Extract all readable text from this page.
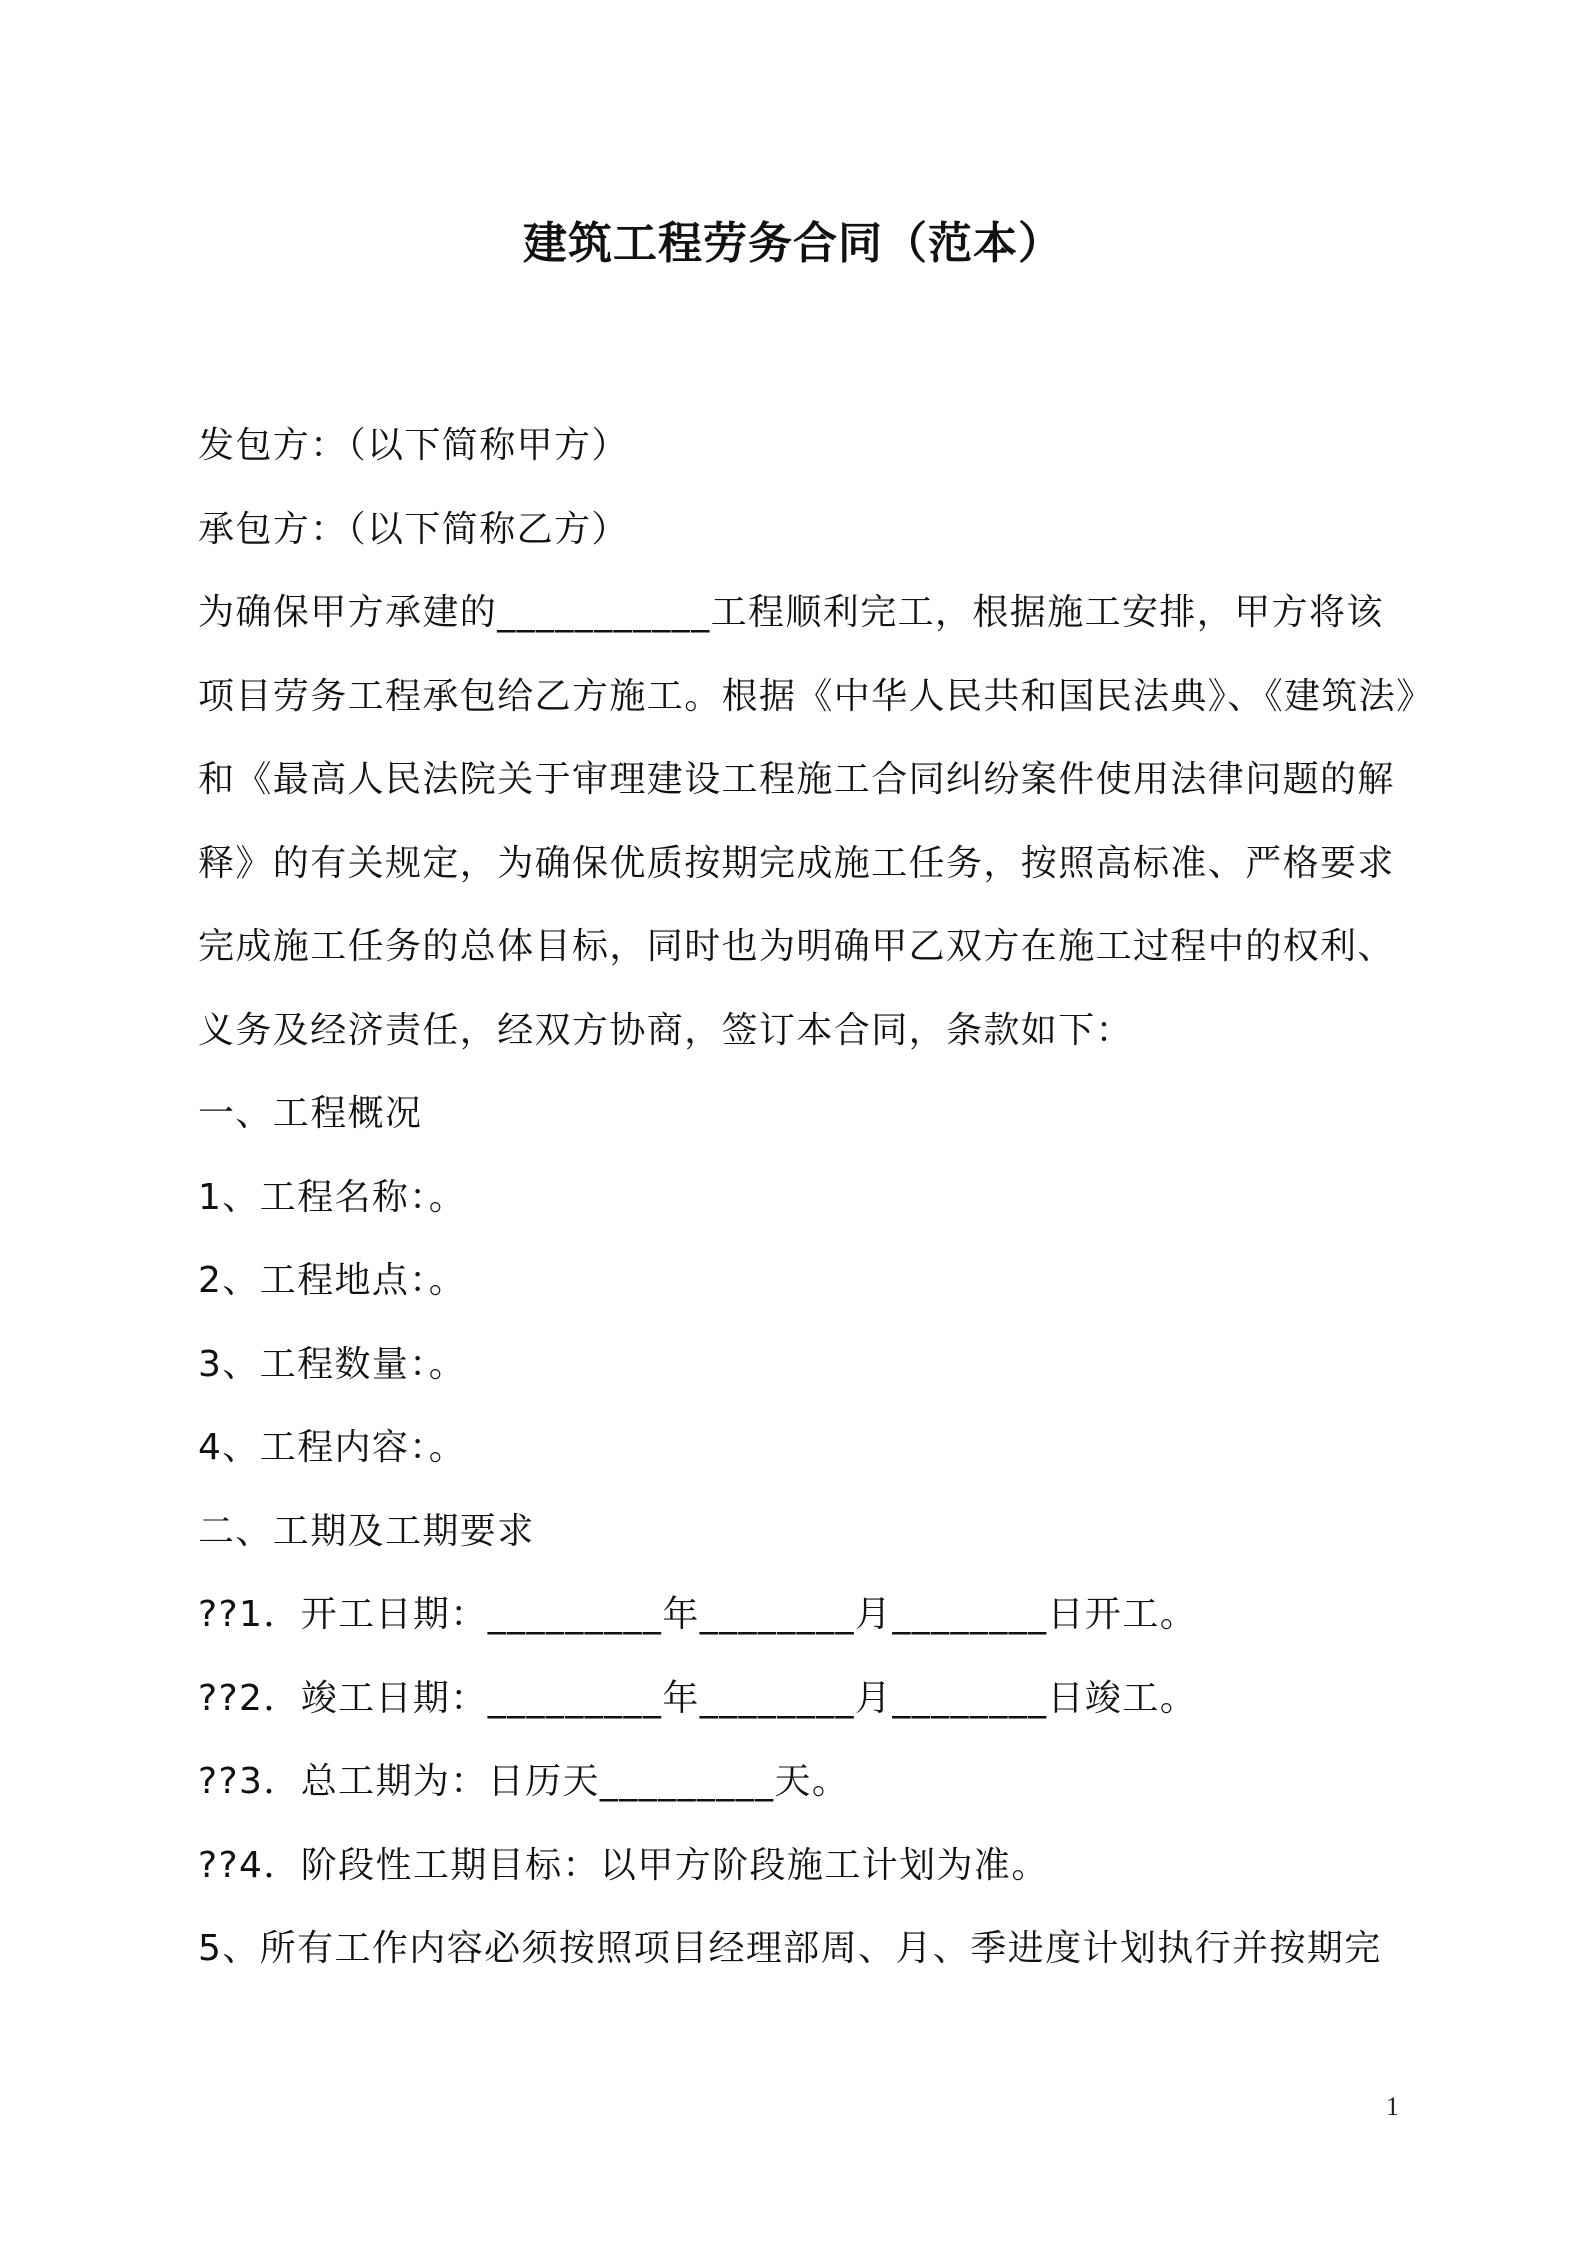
建筑工程劳务合同（范本）
发包方：（以下简称甲方）
承包方：（以下简称乙方）
为确保甲方承建的___________工程顺利完工，根据施工安排，甲方将该
项目劳务工程承包给乙方施工。根据《中华人民共和国民法典》、《建筑法》
和《最高人民法院关于审理建设工程施工合同纠纷案件使用法律问题的解
释》的有关规定，为确保优质按期完成施工任务，按照高标准、严格要求
完成施工任务的总体目标，同时也为明确甲乙双方在施工过程中的权利、
义务及经济责任，经双方协商，签订本合同，条款如下：
一、工程概况
1、工程名称：。
2、工程地点：。
3、工程数量：。
4、工程内容：。
二、工期及工期要求
??1．开工日期：_________年________月________日开工。
??2．竣工日期：_________年________月________日竣工。
??3．总工期为：日历天_________天。
??4．阶段性工期目标：以甲方阶段施工计划为准。
5、所有工作内容必须按照项目经理部周、月、季进度计划执行并按期完
1
